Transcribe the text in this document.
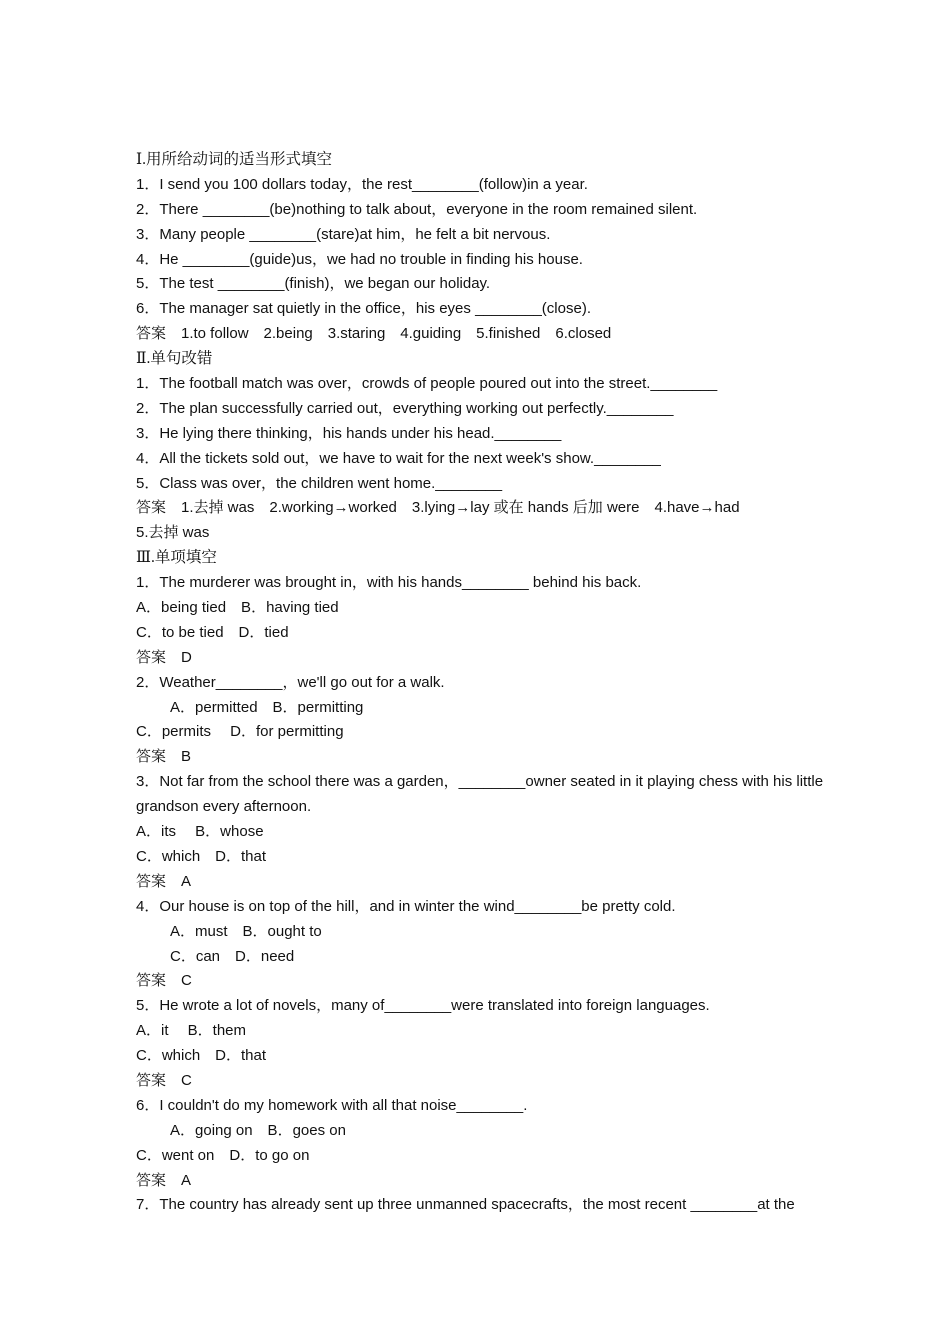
Ⅰ.用所给动词的适当形式填空
1．I send you 100 dollars today，the rest________(follow)in a year.
2．There ________(be)nothing to talk about，everyone in the room remained silent.
3．Many people ________(stare)at him，he felt a bit nervous.
4．He ________(guide)us，we had no trouble in finding his house.
5．The test ________(finish)，we began our holiday.
6．The manager sat quietly in the office，his eyes ________(close).
答案　1.to follow　2.being　3.staring　4.guiding　5.finished　6.closed
Ⅱ.单句改错
1．The football match was over，crowds of people poured out into the street.________
2．The plan successfully carried out，everything working out perfectly.________
3．He lying there thinking，his hands under his head.________
4．All the tickets sold out，we have to wait for the next week's show.________
5．Class was over，the children went home.________
答案　1.去掉 was　2.working→worked　3.lying→lay 或在 hands 后加 were　4.have→had
5.去掉 was
Ⅲ.单项填空
1．The murderer was brought in，with his hands________ behind his back.
A．being tied　B．having tied
C．to be tied　D．tied
答案　D
2．Weather________，we'll go out for a walk.
A．permitted　B．permitting
C．permits　 D．for permitting
答案　B
3．Not far from the school there was a garden，________owner seated in it playing chess with his little grandson every afternoon.
A．its　 B．whose
C．which　D．that
答案　A
4．Our house is on top of the hill，and in winter the wind________be pretty cold.
A．must　B．ought to
C．can　D．need
答案　C
5．He wrote a lot of novels，many of________were translated into foreign languages.
A．it　 B．them
C．which　D．that
答案　C
6．I couldn't do my homework with all that noise________.
A．going on　B．goes on
C．went on　D．to go on
答案　A
7．The country has already sent up three unmanned spacecrafts，the most recent ________at the
